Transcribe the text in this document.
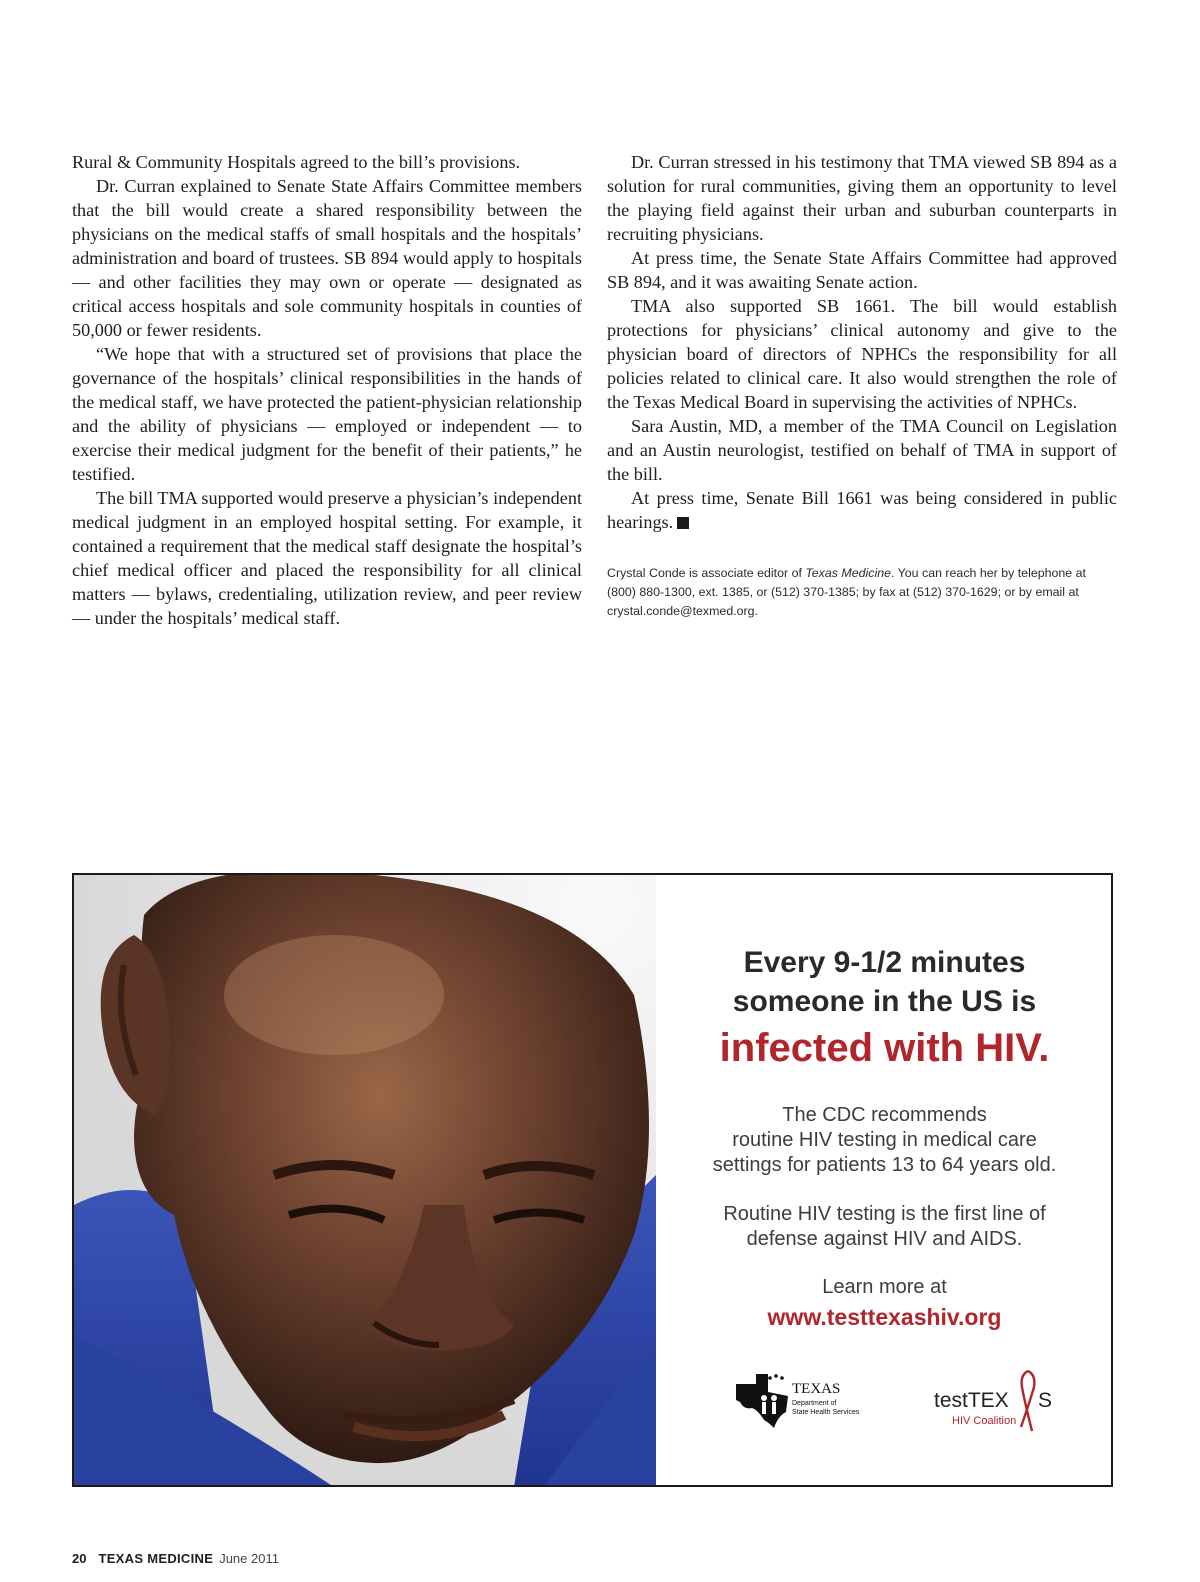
Rural & Community Hospitals agreed to the bill’s provisions.

Dr. Curran explained to Senate State Affairs Committee members that the bill would create a shared responsibility between the physicians on the medical staffs of small hospitals and the hospitals’ administration and board of trustees. SB 894 would apply to hospitals — and other facilities they may own or operate — designated as critical access hospitals and sole community hospitals in counties of 50,000 or fewer residents.

“We hope that with a structured set of provisions that place the governance of the hospitals’ clinical responsibilities in the hands of the medical staff, we have protected the patient-physician relationship and the ability of physicians — employed or independent — to exercise their medical judgment for the benefit of their patients,” he testified.

The bill TMA supported would preserve a physician’s independent medical judgment in an employed hospital setting. For example, it contained a requirement that the medical staff designate the hospital’s chief medical officer and placed the responsibility for all clinical matters — bylaws, credentialing, utilization review, and peer review — under the hospitals’ medical staff.

Dr. Curran stressed in his testimony that TMA viewed SB 894 as a solution for rural communities, giving them an opportunity to level the playing field against their urban and suburban counterparts in recruiting physicians.

At press time, the Senate State Affairs Committee had approved SB 894, and it was awaiting Senate action.

TMA also supported SB 1661. The bill would establish protections for physicians’ clinical autonomy and give to the physician board of directors of NPHCs the responsibility for all policies related to clinical care. It also would strengthen the role of the Texas Medical Board in supervising the activities of NPHCs.

Sara Austin, MD, a member of the TMA Council on Legislation and an Austin neurologist, testified on behalf of TMA in support of the bill.

At press time, Senate Bill 1661 was being considered in public hearings.

Crystal Conde is associate editor of Texas Medicine. You can reach her by telephone at (800) 880-1300, ext. 1385, or (512) 370-1385; by fax at (512) 370-1629; or by email at crystal.conde@texmed.org.

Every 9-1/2 minutes
someone in the US is
infected with HIV.
The CDC recommends
routine HIV testing in medical care
settings for patients 13 to 64 years old.
Routine HIV testing is the first line of
defense against HIV and AIDS.
Learn more at
www.testtexashiv.org
TEXAS
Department of
State Health Services
testTEX S
HIV Coalition
20 TEXAS MEDICINE June 2011
